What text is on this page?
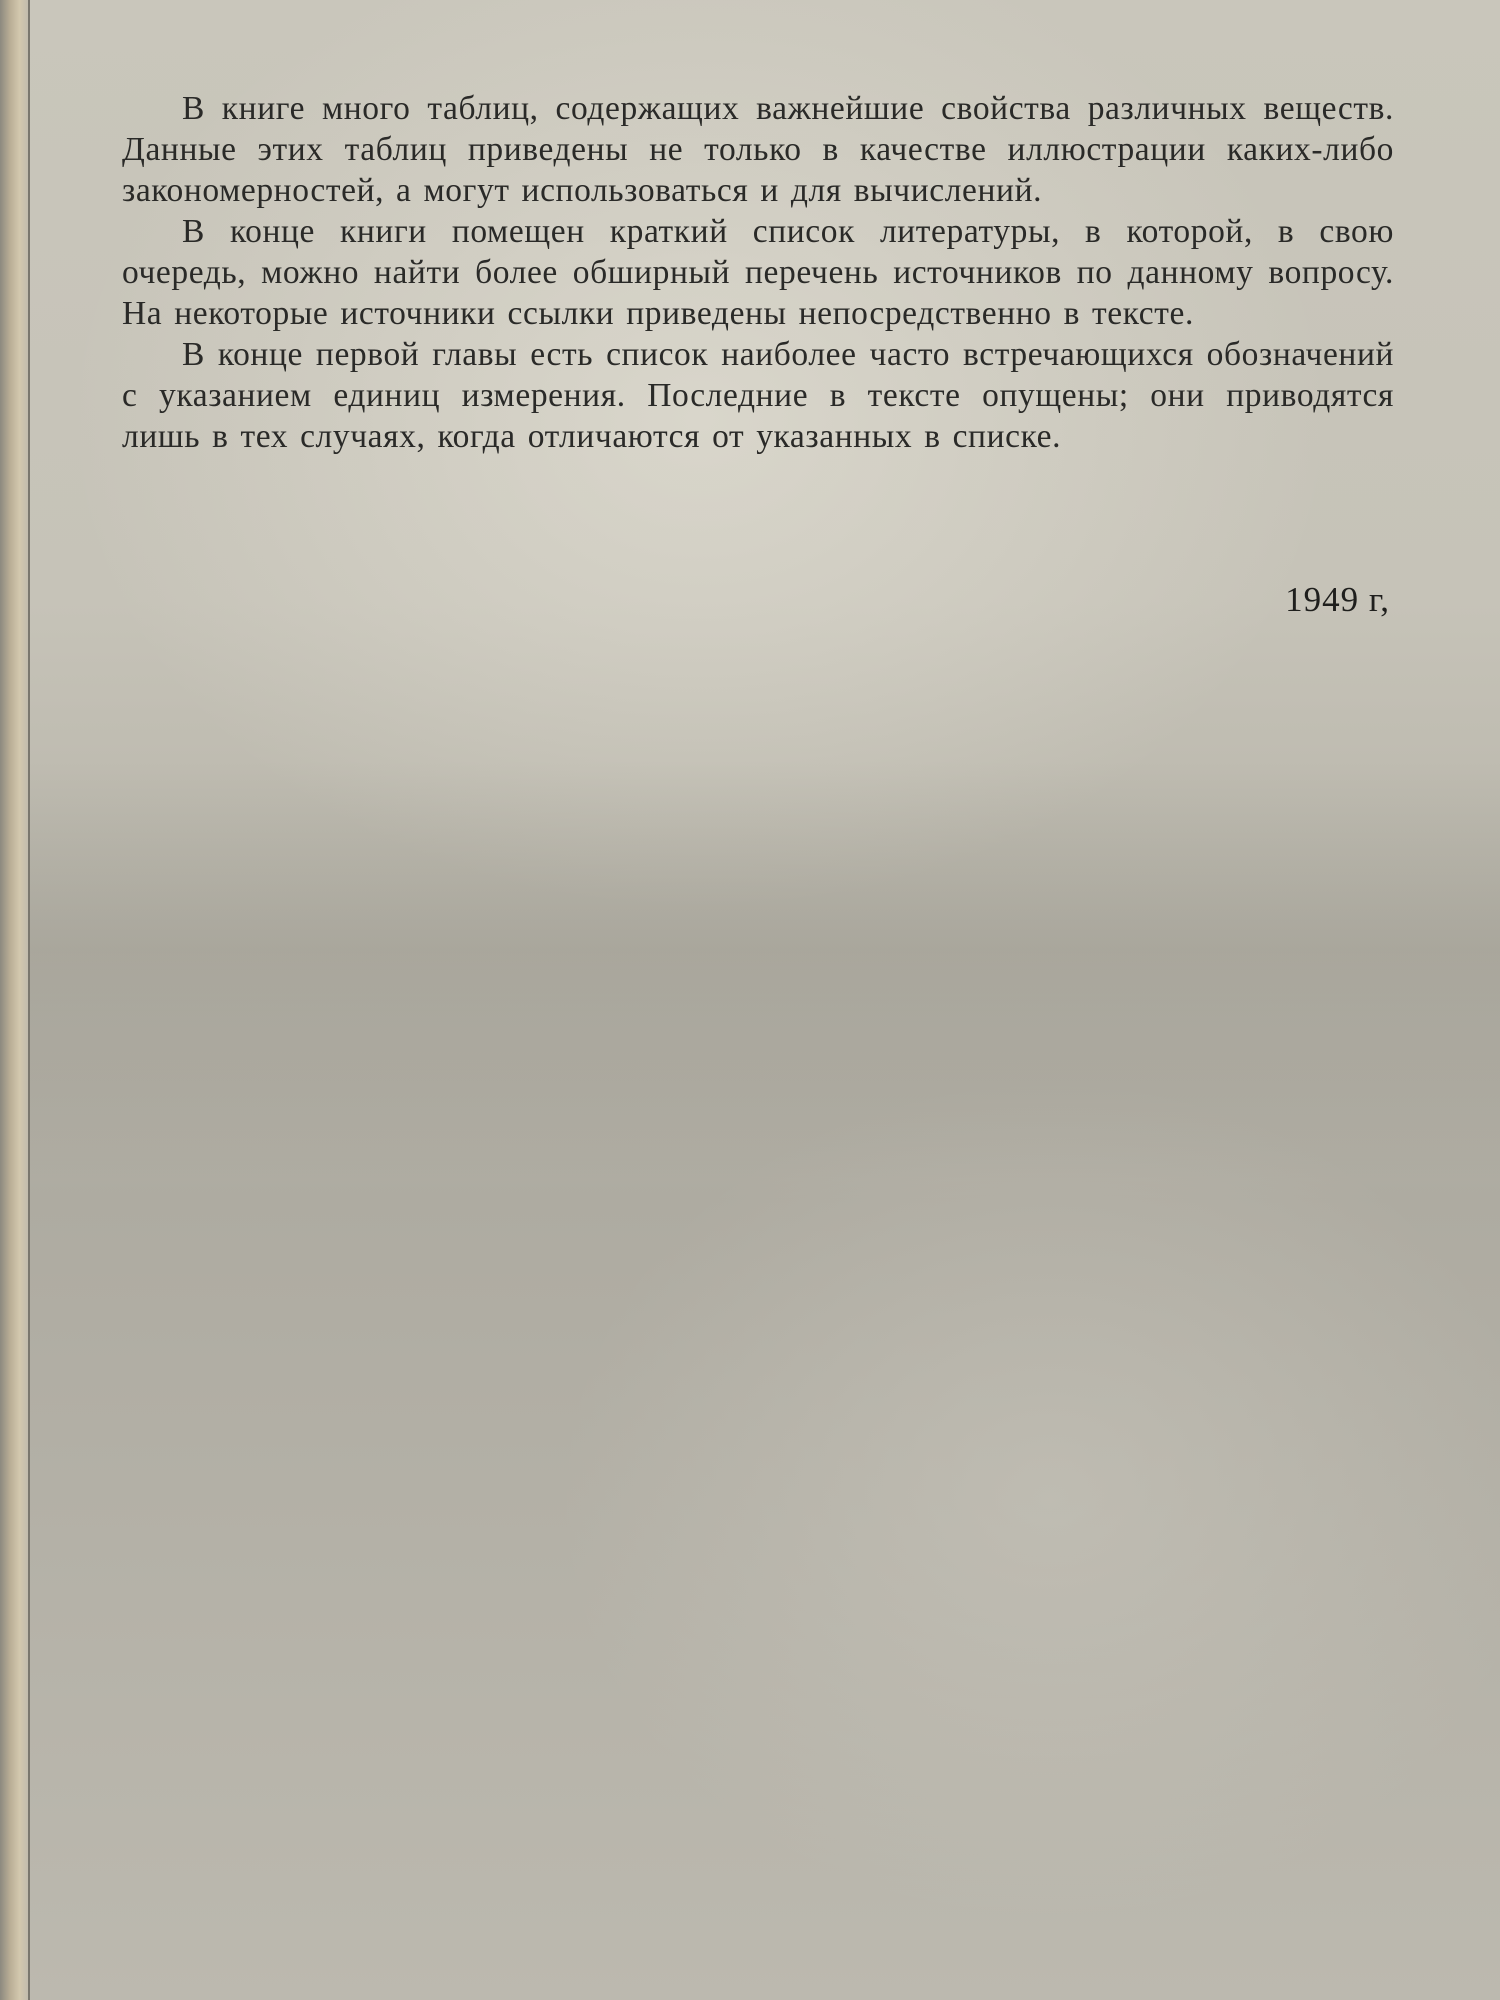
В книге много таблиц, содержащих важнейшие свойства различных веществ. Данные этих таблиц приведены не только в качестве иллюстрации каких-либо закономерностей, а могут использоваться и для вычислений.

В конце книги помещен краткий список литературы, в которой, в свою очередь, можно найти более обширный перечень источников по данному вопросу. На некоторые источники ссылки приведены непосредственно в тексте.

В конце первой главы есть список наиболее часто встречающихся обозначений с указанием единиц измерения. Последние в тексте опущены; они приводятся лишь в тех случаях, когда отличаются от указанных в списке.

1949 г,
